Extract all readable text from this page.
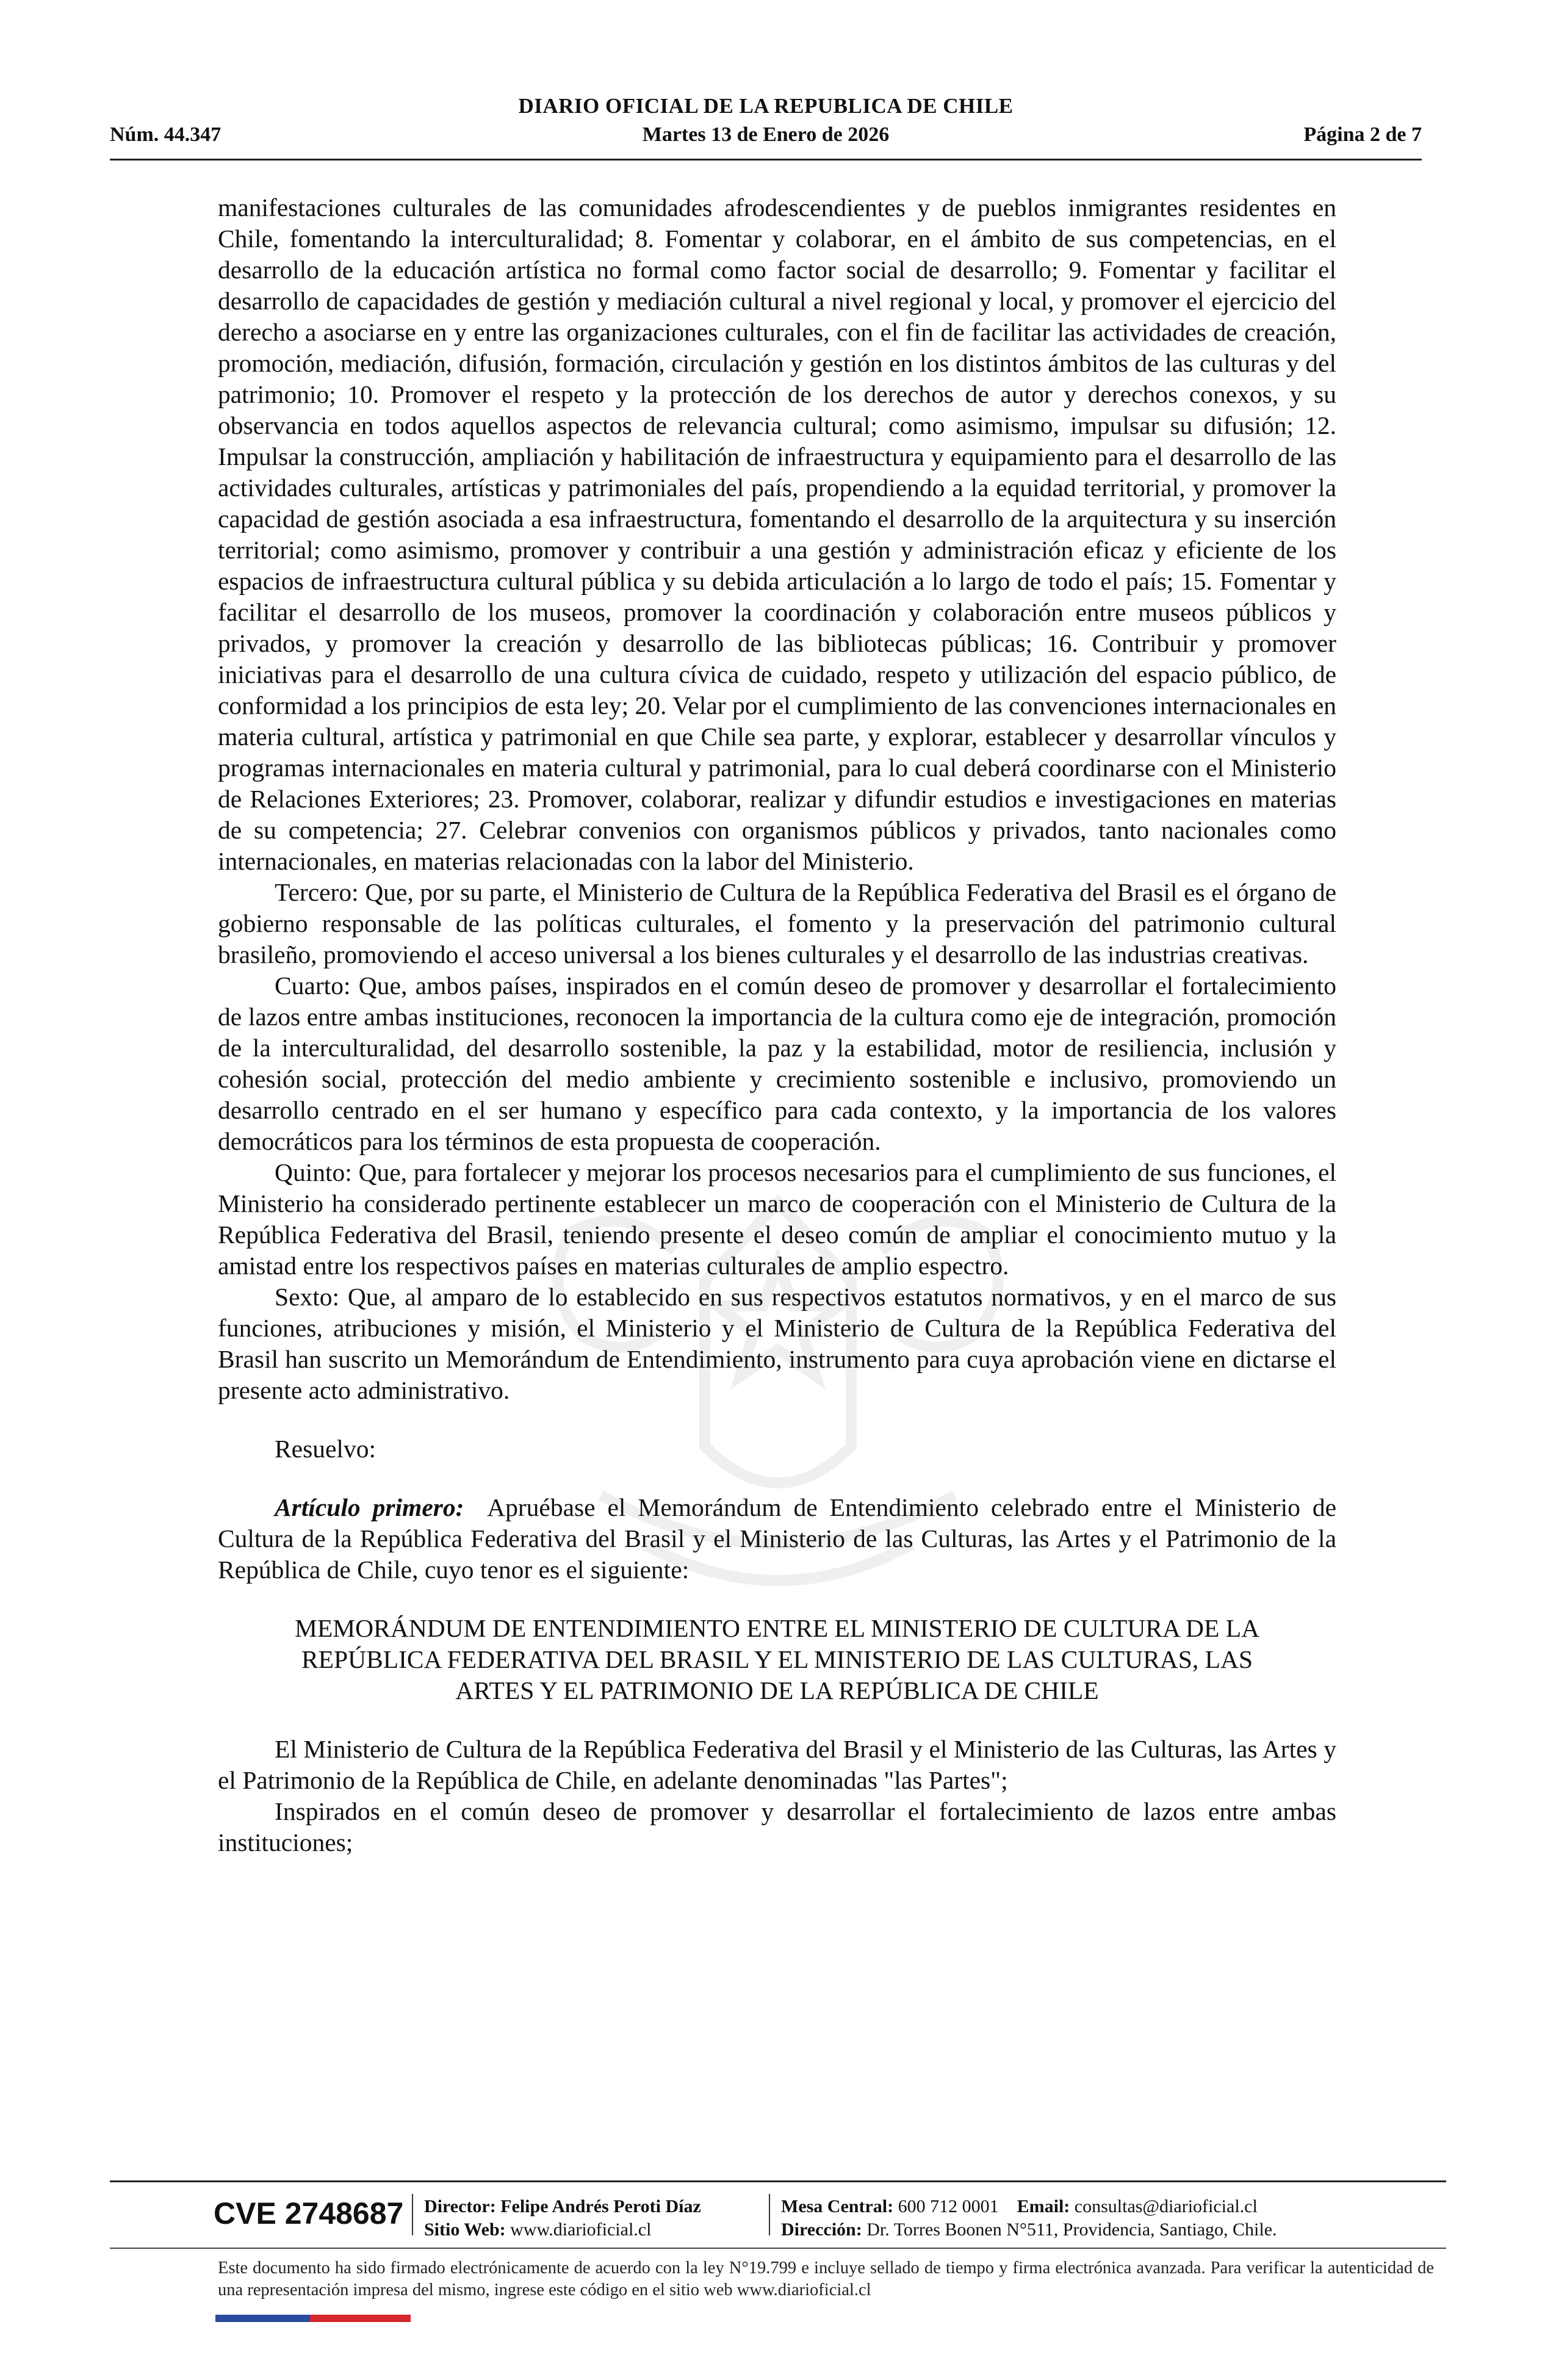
DIARIO OFICIAL DE LA REPUBLICA DE CHILE
Núm. 44.347	Martes 13 de Enero de 2026	Página 2 de 7

manifestaciones culturales de las comunidades afrodescendientes y de pueblos inmigrantes residentes en Chile, fomentando la interculturalidad; 8. Fomentar y colaborar, en el ámbito de sus competencias, en el desarrollo de la educación artística no formal como factor social de desarrollo; 9. Fomentar y facilitar el desarrollo de capacidades de gestión y mediación cultural a nivel regional y local, y promover el ejercicio del derecho a asociarse en y entre las organizaciones culturales, con el fin de facilitar las actividades de creación, promoción, mediación, difusión, formación, circulación y gestión en los distintos ámbitos de las culturas y del patrimonio; 10. Promover el respeto y la protección de los derechos de autor y derechos conexos, y su observancia en todos aquellos aspectos de relevancia cultural; como asimismo, impulsar su difusión; 12. Impulsar la construcción, ampliación y habilitación de infraestructura y equipamiento para el desarrollo de las actividades culturales, artísticas y patrimoniales del país, propendiendo a la equidad territorial, y promover la capacidad de gestión asociada a esa infraestructura, fomentando el desarrollo de la arquitectura y su inserción territorial; como asimismo, promover y contribuir a una gestión y administración eficaz y eficiente de los espacios de infraestructura cultural pública y su debida articulación a lo largo de todo el país; 15. Fomentar y facilitar el desarrollo de los museos, promover la coordinación y colaboración entre museos públicos y privados, y promover la creación y desarrollo de las bibliotecas públicas; 16. Contribuir y promover iniciativas para el desarrollo de una cultura cívica de cuidado, respeto y utilización del espacio público, de conformidad a los principios de esta ley; 20. Velar por el cumplimiento de las convenciones internacionales en materia cultural, artística y patrimonial en que Chile sea parte, y explorar, establecer y desarrollar vínculos y programas internacionales en materia cultural y patrimonial, para lo cual deberá coordinarse con el Ministerio de Relaciones Exteriores; 23. Promover, colaborar, realizar y difundir estudios e investigaciones en materias de su competencia; 27. Celebrar convenios con organismos públicos y privados, tanto nacionales como internacionales, en materias relacionadas con la labor del Ministerio.

Tercero: Que, por su parte, el Ministerio de Cultura de la República Federativa del Brasil es el órgano de gobierno responsable de las políticas culturales, el fomento y la preservación del patrimonio cultural brasileño, promoviendo el acceso universal a los bienes culturales y el desarrollo de las industrias creativas.

Cuarto: Que, ambos países, inspirados en el común deseo de promover y desarrollar el fortalecimiento de lazos entre ambas instituciones, reconocen la importancia de la cultura como eje de integración, promoción de la interculturalidad, del desarrollo sostenible, la paz y la estabilidad, motor de resiliencia, inclusión y cohesión social, protección del medio ambiente y crecimiento sostenible e inclusivo, promoviendo un desarrollo centrado en el ser humano y específico para cada contexto, y la importancia de los valores democráticos para los términos de esta propuesta de cooperación.

Quinto: Que, para fortalecer y mejorar los procesos necesarios para el cumplimiento de sus funciones, el Ministerio ha considerado pertinente establecer un marco de cooperación con el Ministerio de Cultura de la República Federativa del Brasil, teniendo presente el deseo común de ampliar el conocimiento mutuo y la amistad entre los respectivos países en materias culturales de amplio espectro.

Sexto: Que, al amparo de lo establecido en sus respectivos estatutos normativos, y en el marco de sus funciones, atribuciones y misión, el Ministerio y el Ministerio de Cultura de la República Federativa del Brasil han suscrito un Memorándum de Entendimiento, instrumento para cuya aprobación viene en dictarse el presente acto administrativo.

Resuelvo:

Artículo primero: Apruébase el Memorándum de Entendimiento celebrado entre el Ministerio de Cultura de la República Federativa del Brasil y el Ministerio de las Culturas, las Artes y el Patrimonio de la República de Chile, cuyo tenor es el siguiente:

MEMORÁNDUM DE ENTENDIMIENTO ENTRE EL MINISTERIO DE CULTURA DE LA

REPÚBLICA FEDERATIVA DEL BRASIL Y EL MINISTERIO DE LAS CULTURAS, LAS

ARTES Y EL PATRIMONIO DE LA REPÚBLICA DE CHILE

El Ministerio de Cultura de la República Federativa del Brasil y el Ministerio de las Culturas, las Artes y el Patrimonio de la República de Chile, en adelante denominadas "las Partes";

Inspirados en el común deseo de promover y desarrollar el fortalecimiento de lazos entre ambas instituciones;

CVE 2748687 Director: Felipe Andrés Peroti Díaz
Sitio Web: www.diarioficial.cl
Mesa Central: 600 712 0001 Email: consultas@diarioficial.cl
Dirección: Dr. Torres Boonen N°511, Providencia, Santiago, Chile.
Este documento ha sido firmado electrónicamente de acuerdo con la ley N°19.799 e incluye sellado de tiempo y firma electrónica avanzada. Para verificar la autenticidad de una representación impresa del mismo, ingrese este código en el sitio web www.diarioficial.cl
